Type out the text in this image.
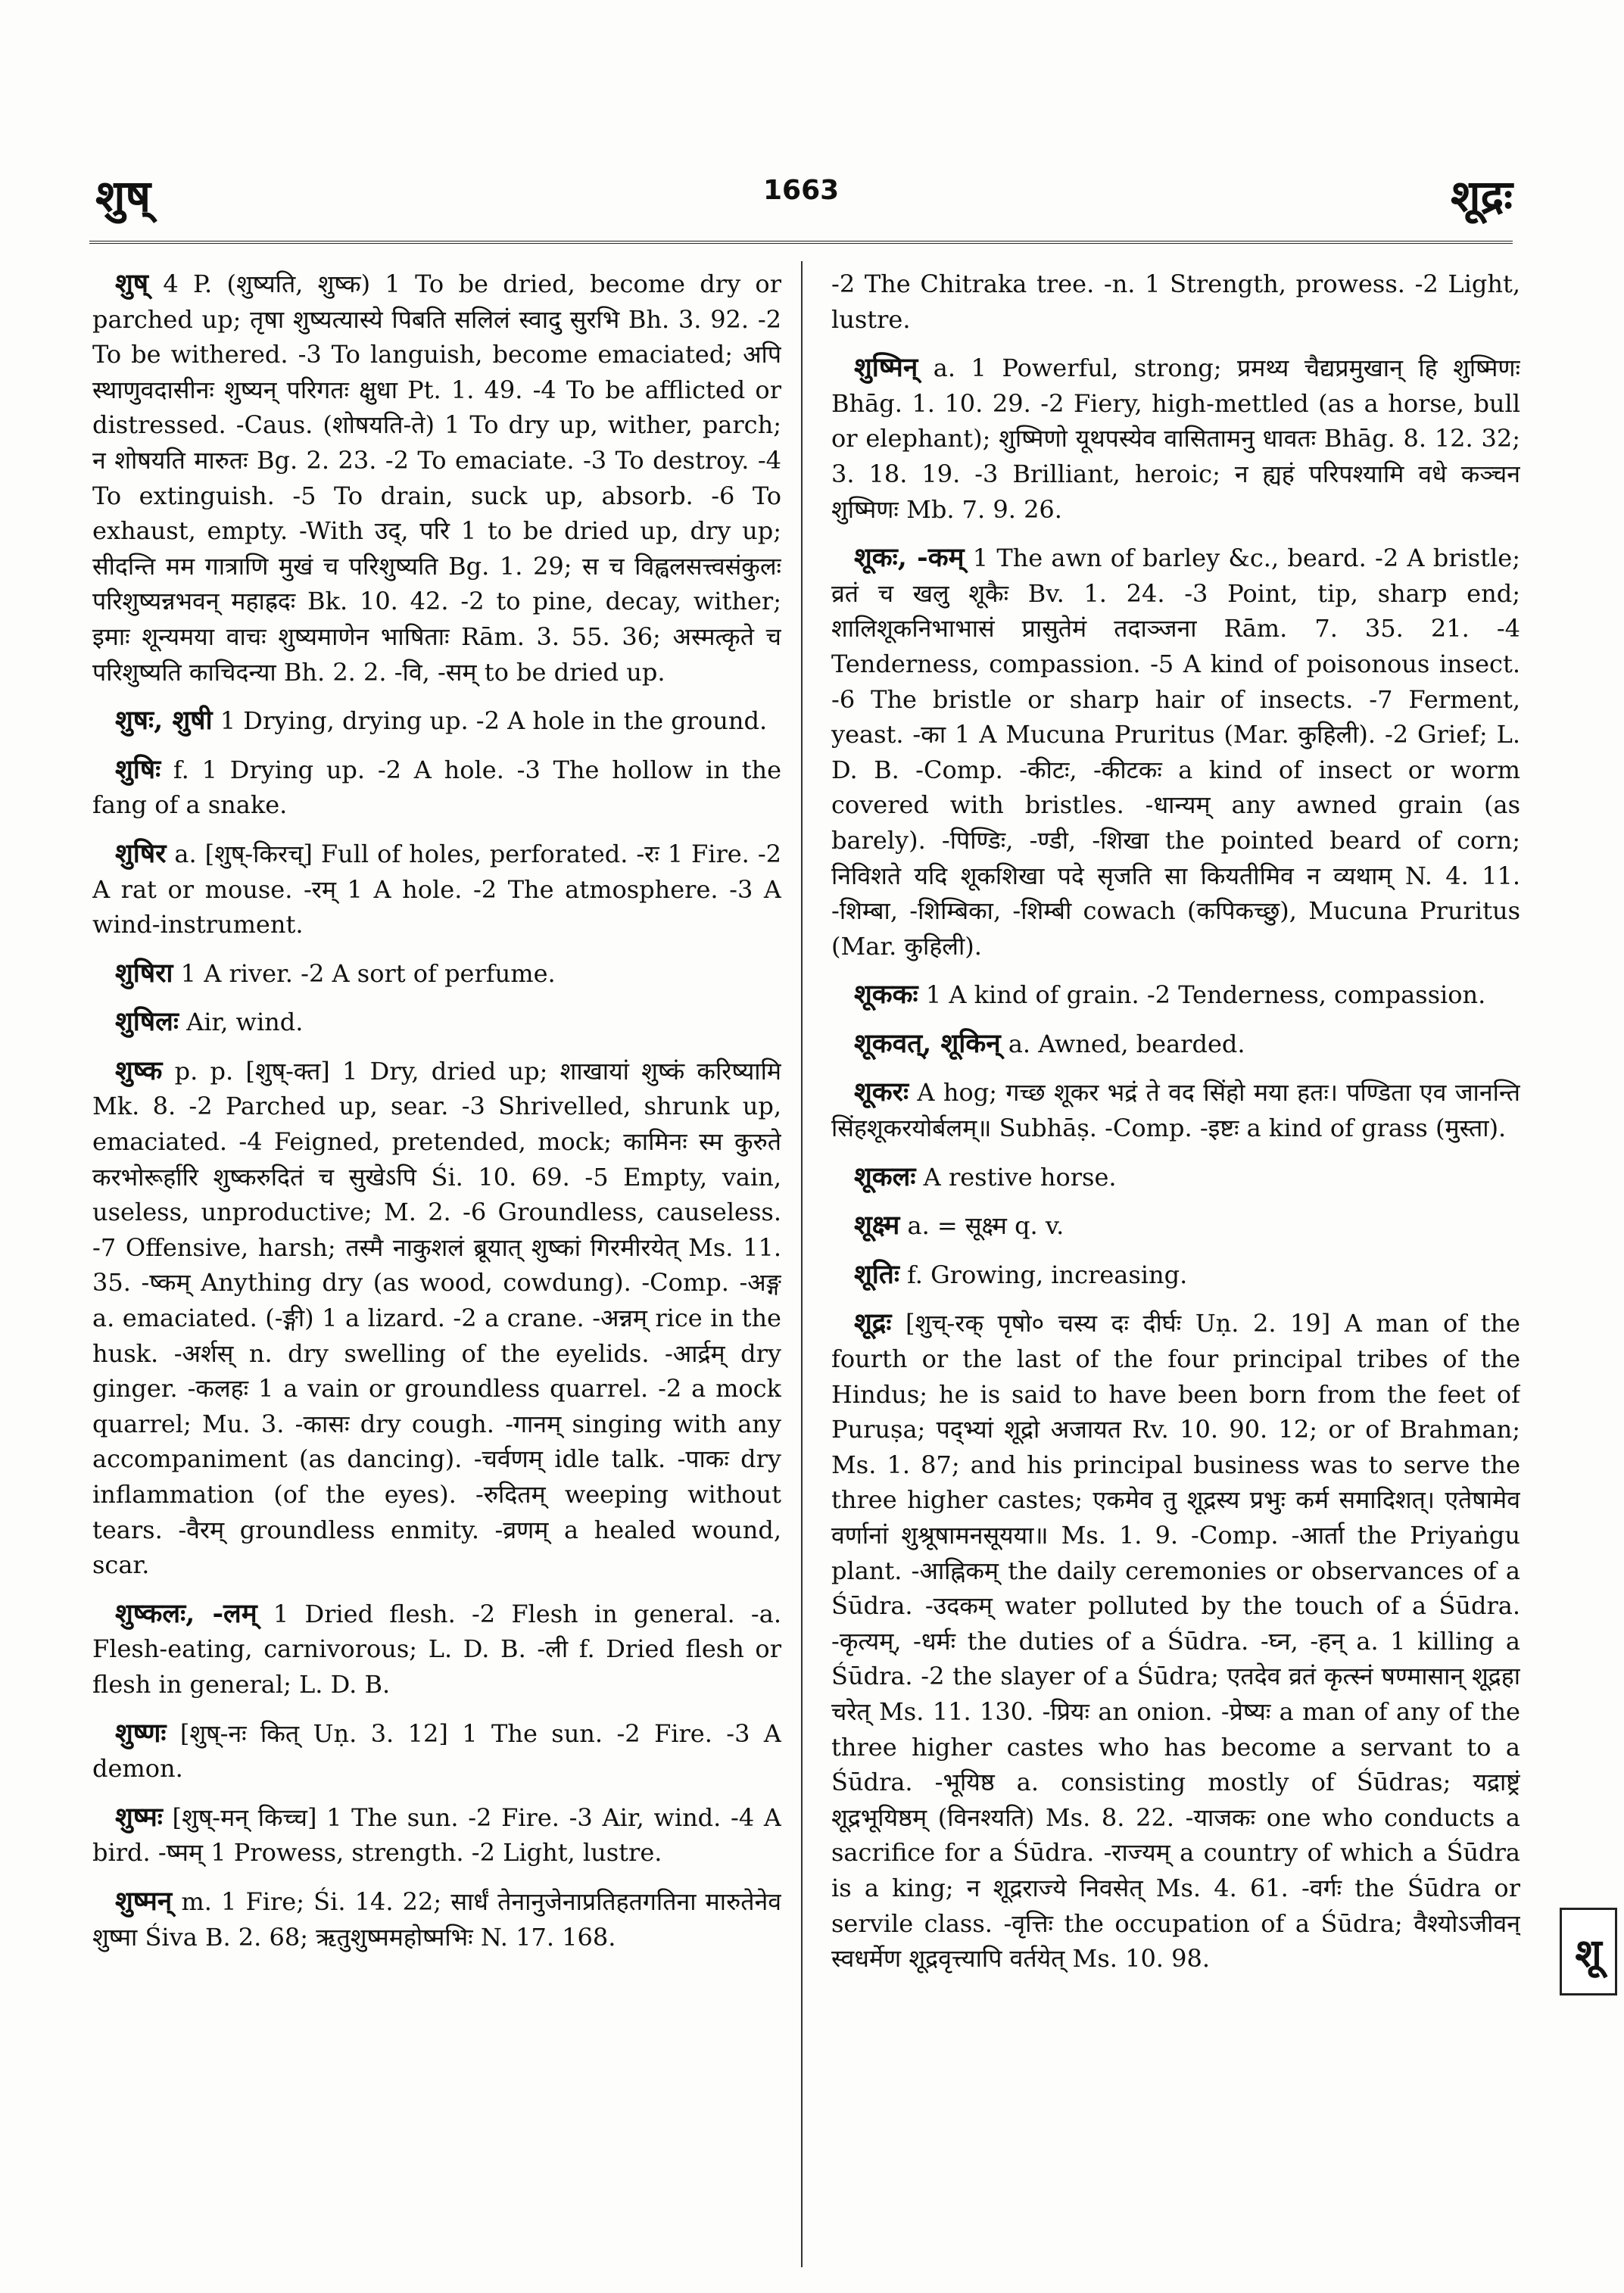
शुष्	1663	शूद्रः

शुष् 4 P. (शुष्यति, शुष्क) 1 To be dried, become dry or parched up; तृषा शुष्यत्यास्ये पिबति सलिलं स्वादु सुरभि Bh. 3. 92. -2 To be withered. -3 To languish, become emaciated; अपि स्थाणुवदासीनः शुष्यन् परिगतः क्षुधा Pt. 1. 49. -4 To be afflicted or distressed. -Caus. (शोषयति-ते) 1 To dry up, wither, parch; न शोषयति मारुतः Bg. 2. 23. -2 To emaciate. -3 To destroy. -4 To extinguish. -5 To drain, suck up, absorb. -6 To exhaust, empty. -With उद्, परि 1 to be dried up, dry up; सीदन्ति मम गात्राणि मुखं च परिशुष्यति Bg. 1. 29; स च विह्वलसत्त्वसंकुलः परिशुष्यन्नभवन् महाह्रदः Bk. 10. 42. -2 to pine, decay, wither; इमाः शून्यमया वाचः शुष्यमाणेन भाषिताः Rām. 3. 55. 36; अस्मत्कृते च परिशुष्यति काचिदन्या Bh. 2. 2. -वि, -सम् to be dried up.

शुषः, शुषी 1 Drying, drying up. -2 A hole in the ground.

शुषिः f. 1 Drying up. -2 A hole. -3 The hollow in the fang of a snake.

शुषिर a. [शुष्-किरच्] Full of holes, perforated. -रः 1 Fire. -2 A rat or mouse. -रम् 1 A hole. -2 The atmosphere. -3 A wind-instrument.

शुषिरा 1 A river. -2 A sort of perfume.

शुषिलः Air, wind.

शुष्क p. p. [शुष्-क्त] 1 Dry, dried up; शाखायां शुष्कं करिष्यामि Mk. 8. -2 Parched up, sear. -3 Shrivelled, shrunk up, emaciated. -4 Feigned, pretended, mock; कामिनः स्म कुरुते करभोरूर्हारि शुष्करुदितं च सुखेऽपि Śi. 10. 69. -5 Empty, vain, useless, unproductive; M. 2. -6 Groundless, causeless. -7 Offensive, harsh; तस्मै नाकुशलं ब्रूयात् शुष्कां गिरमीरयेत् Ms. 11. 35. -ष्कम् Anything dry (as wood, cowdung). -Comp. -अङ्ग a. emaciated. (-ङ्गी) 1 a lizard. -2 a crane. -अन्नम् rice in the husk. -अर्शस् n. dry swelling of the eyelids. -आर्द्रम् dry ginger. -कलहः 1 a vain or groundless quarrel. -2 a mock quarrel; Mu. 3. -कासः dry cough. -गानम् singing with any accompaniment (as dancing). -चर्वणम् idle talk. -पाकः dry inflammation (of the eyes). -रुदितम् weeping without tears. -वैरम् groundless enmity. -व्रणम् a healed wound, scar.

शुष्कलः, -लम् 1 Dried flesh. -2 Flesh in general. -a. Flesh-eating, carnivorous; L. D. B. -ली f. Dried flesh or flesh in general; L. D. B.

शुष्णः [शुष्-नः कित् Uṇ. 3. 12] 1 The sun. -2 Fire. -3 A demon.

शुष्मः [शुष्-मन् किच्च] 1 The sun. -2 Fire. -3 Air, wind. -4 A bird. -ष्मम् 1 Prowess, strength. -2 Light, lustre.

शुष्मन् m. 1 Fire; Śi. 14. 22; सार्धं तेनानुजेनाप्रतिहतगतिना मारुतेनेव शुष्मा Śiva B. 2. 68; ऋतुशुष्ममहोष्मभिः N. 17. 168.

-2 The Chitraka tree. -n. 1 Strength, prowess. -2 Light, lustre.

शुष्मिन् a. 1 Powerful, strong; प्रमथ्य चैद्यप्रमुखान् हि शुष्मिणः Bhāg. 1. 10. 29. -2 Fiery, high-mettled (as a horse, bull or elephant); शुष्मिणो यूथपस्येव वासितामनु धावतः Bhāg. 8. 12. 32; 3. 18. 19. -3 Brilliant, heroic; न ह्यहं परिपश्यामि वधे कञ्चन शुष्मिणः Mb. 7. 9. 26.

शूकः, -कम् 1 The awn of barley &c., beard. -2 A bristle; व्रतं च खलु शूकैः Bv. 1. 24. -3 Point, tip, sharp end; शालिशूकनिभाभासं प्रासुतेमं तदाञ्जना Rām. 7. 35. 21. -4 Tenderness, compassion. -5 A kind of poisonous insect. -6 The bristle or sharp hair of insects. -7 Ferment, yeast. -का 1 A Mucuna Pruritus (Mar. कुहिली). -2 Grief; L. D. B. -Comp. -कीटः, -कीटकः a kind of insect or worm covered with bristles. -धान्यम् any awned grain (as barely). -पिण्डिः, -ण्डी, -शिखा the pointed beard of corn; निविशते यदि शूकशिखा पदे सृजति सा कियतीमिव न व्यथाम् N. 4. 11. -शिम्बा, -शिम्बिका, -शिम्बी cowach (कपिकच्छु), Mucuna Pruritus (Mar. कुहिली).

शूककः 1 A kind of grain. -2 Tenderness, compassion.

शूकवत्, शूकिन् a. Awned, bearded.

शूकरः A hog; गच्छ शूकर भद्रं ते वद सिंहो मया हतः। पण्डिता एव जानन्ति सिंहशूकरयोर्बलम्॥ Subhāṣ. -Comp. -इष्टः a kind of grass (मुस्ता).

शूकलः A restive horse.

शूक्ष्म a. = सूक्ष्म q. v.

शूतिः f. Growing, increasing.

शूद्रः [शुच्-रक् पृषो० चस्य दः दीर्घः Uṇ. 2. 19] A man of the fourth or the last of the four principal tribes of the Hindus; he is said to have been born from the feet of Puruṣa; पद्भ्यां शूद्रो अजायत Rv. 10. 90. 12; or of Brahman; Ms. 1. 87; and his principal business was to serve the three higher castes; एकमेव तु शूद्रस्य प्रभुः कर्म समादिशत्। एतेषामेव वर्णानां शुश्रूषामनसूयया॥ Ms. 1. 9. -Comp. -आर्ता the Priyaṅgu plant. -आह्निकम् the daily ceremonies or observances of a Śūdra. -उदकम् water polluted by the touch of a Śūdra. -कृत्यम्, -धर्मः the duties of a Śūdra. -घ्न, -हन् a. 1 killing a Śūdra. -2 the slayer of a Śūdra; एतदेव व्रतं कृत्स्नं षण्मासान् शूद्रहा चरेत् Ms. 11. 130. -प्रियः an onion. -प्रेष्यः a man of any of the three higher castes who has become a servant to a Śūdra. -भूयिष्ठ a. consisting mostly of Śūdras; यद्राष्ट्रं शूद्रभूयिष्ठम् (विनश्यति) Ms. 8. 22. -याजकः one who conducts a sacrifice for a Śūdra. -राज्यम् a country of which a Śūdra is a king; न शूद्रराज्ये निवसेत् Ms. 4. 61. -वर्गः the Śūdra or servile class. -वृत्तिः the occupation of a Śūdra; वैश्योऽजीवन् स्वधर्मेण शूद्रवृत्त्यापि वर्तयेत् Ms. 10. 98.	शू
